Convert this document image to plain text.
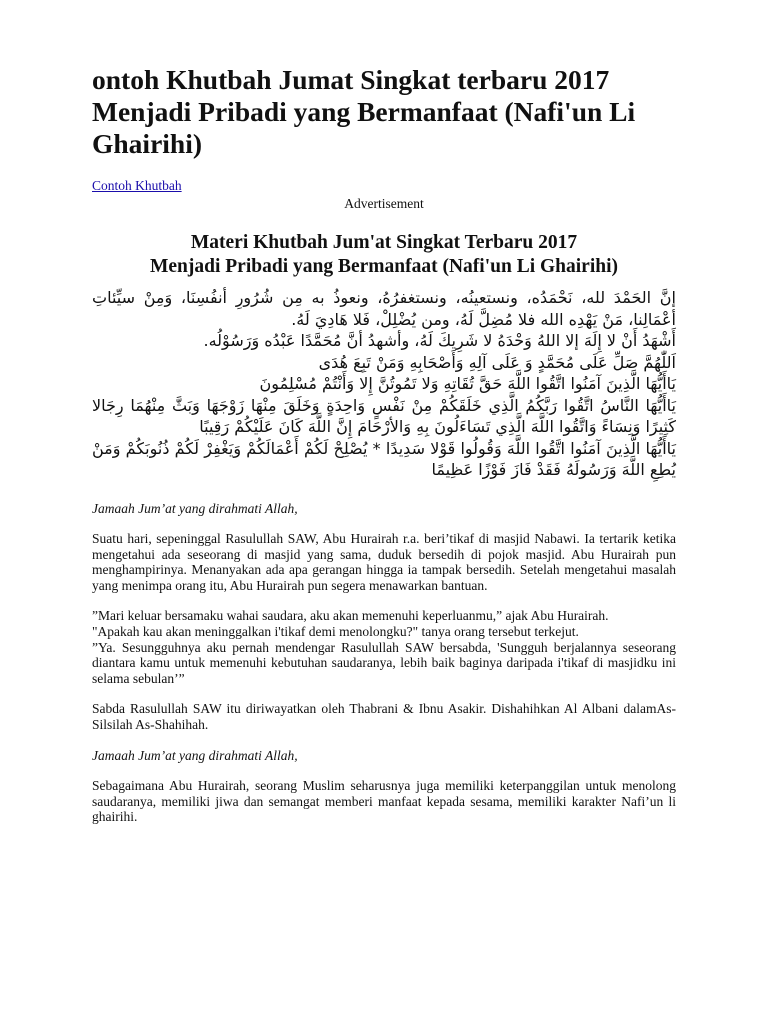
ontoh Khutbah Jumat Singkat terbaru 2017 Menjadi Pribadi yang Bermanfaat (Nafi'un Li Ghairihi)
Contoh Khutbah
Advertisement
Materi Khutbah Jum'at Singkat Terbaru 2017
Menjadi Pribadi yang Bermanfaat (Nafi'un Li Ghairihi)

إنَّ الحَمْدَ لله، نَحْمَدُه، ونستعينُه، ونستغفرُهُ، ونعوذُ به مِن شُرُورِ أنفُسِنَا، وَمِنْ سيِّئاتِ أعْمَالِنا، مَنْ يَهْدِه الله فلا مُضِلَّ لَهُ، ومن يُضْلِلْ، فَلا هَادِيَ لَهُ.

أَشْهَدُ أَنْ لا إِلَهَ إلا اللهُ وَحْدَهُ لا شَرِيكَ لَهُ، وأشهدُ أنَّ مُحَمَّدًا عَبْدُه وَرَسُوْلُه.

اَللّٰهُمَّ صَلِّ عَلَى مُحَمَّدٍ وَ عَلَى آلِهِ وَأَصْحَابِهِ وَمَنْ تَبِعَ هُدَى

يَاأَيُّهَا الَّذِينَ آمَنُوا اتَّقُوا اللَّهَ حَقَّ تُقَاتِهِ وَلا تَمُوتُنَّ إِلا وَأَنْتُمْ مُسْلِمُونَ

يَاأَيُّهَا النَّاسُ اتَّقُوا رَبَّكُمُ الَّذِي خَلَقَكُمْ مِنْ نَفْسٍ وَاحِدَةٍ وَخَلَقَ مِنْهَا زَوْجَهَا وَبَثَّ مِنْهُمَا رِجَالا كَثِيرًا وَنِسَاءً وَاتَّقُوا اللَّهَ الَّذِي تَسَاءَلُونَ بِهِ وَالأرْحَامَ إِنَّ اللَّهَ كَانَ عَلَيْكُمْ رَقِيبًا

يَاأَيُّهَا الَّذِينَ آمَنُوا اتَّقُوا اللَّهَ وَقُولُوا قَوْلا سَدِيدًا * يُصْلِحْ لَكُمْ أَعْمَالَكُمْ وَيَغْفِرْ لَكُمْ ذُنُوبَكُمْ وَمَنْ يُطِعِ اللَّهَ وَرَسُولَهُ فَقَدْ فَازَ فَوْزًا عَظِيمًا

Jamaah Jum’at yang dirahmati Allah,

Suatu hari, sepeninggal Rasulullah SAW, Abu Hurairah r.a. beri’tikaf di masjid Nabawi. Ia tertarik ketika mengetahui ada seseorang di masjid yang sama, duduk bersedih di pojok masjid. Abu Hurairah pun menghampirinya. Menanyakan ada apa gerangan hingga ia tampak bersedih. Setelah mengetahui masalah yang menimpa orang itu, Abu Hurairah pun segera menawarkan bantuan.

”Mari keluar bersamaku wahai saudara, aku akan memenuhi keperluanmu,” ajak Abu Hurairah.

"Apakah kau akan meninggalkan i'tikaf demi menolongku?" tanya orang tersebut terkejut.

”Ya. Sesungguhnya aku pernah mendengar Rasulullah SAW bersabda, 'Sungguh berjalannya seseorang diantara kamu untuk memenuhi kebutuhan saudaranya, lebih baik baginya daripada i'tikaf di masjidku ini selama sebulan’”

Sabda Rasulullah SAW itu diriwayatkan oleh Thabrani & Ibnu Asakir. Dishahihkan Al Albani dalamAs-Silsilah As-Shahihah.

Jamaah Jum’at yang dirahmati Allah,

Sebagaimana Abu Hurairah, seorang Muslim seharusnya juga memiliki keterpanggilan untuk menolong saudaranya, memiliki jiwa dan semangat memberi manfaat kepada sesama, memiliki karakter Nafi’un li ghairihi.
